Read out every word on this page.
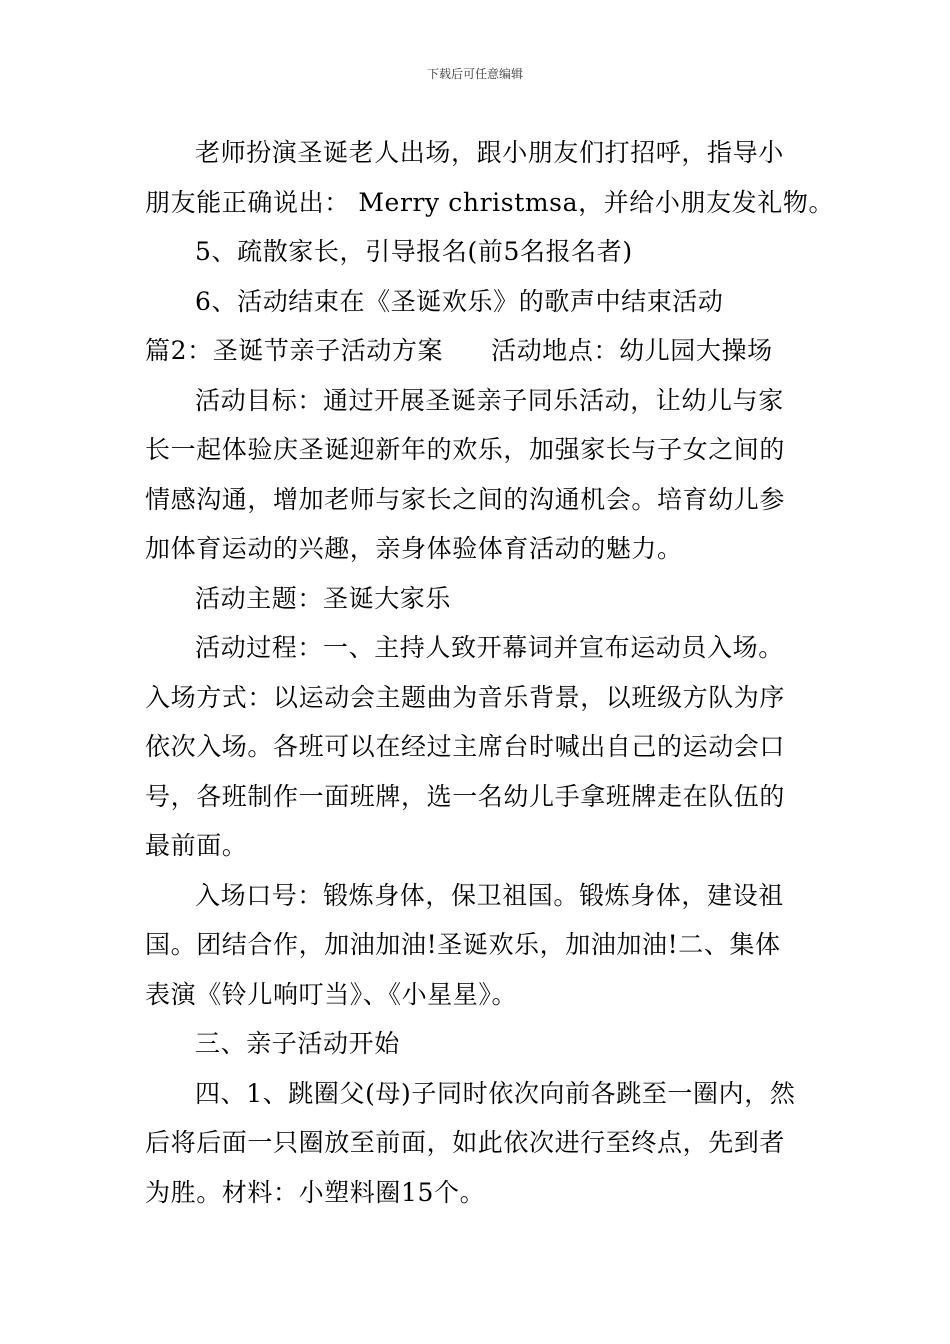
下载后可任意编辑
老师扮演圣诞老人出场，跟小朋友们打招呼，指导小
朋友能正确说出： Merry christmsa，并给小朋友发礼物。
5、疏散家长，引导报名(前5名报名者)
6、活动结束在《圣诞欢乐》的歌声中结束活动
篇2：圣诞节亲子活动方案 活动地点：幼儿园大操场
活动目标：通过开展圣诞亲子同乐活动，让幼儿与家
长一起体验庆圣诞迎新年的欢乐，加强家长与子女之间的
情感沟通，增加老师与家长之间的沟通机会。培育幼儿参
加体育运动的兴趣，亲身体验体育活动的魅力。
活动主题：圣诞大家乐
活动过程：一、主持人致开幕词并宣布运动员入场。
入场方式：以运动会主题曲为音乐背景，以班级方队为序
依次入场。各班可以在经过主席台时喊出自己的运动会口
号，各班制作一面班牌，选一名幼儿手拿班牌走在队伍的
最前面。
入场口号：锻炼身体，保卫祖国。锻炼身体，建设祖
国。团结合作，加油加油!圣诞欢乐，加油加油!二、集体
表演《铃儿响叮当》、《小星星》。
三、亲子活动开始
四、1、跳圈父(母)子同时依次向前各跳至一圈内，然
后将后面一只圈放至前面，如此依次进行至终点，先到者
为胜。材料：小塑料圈15个。
